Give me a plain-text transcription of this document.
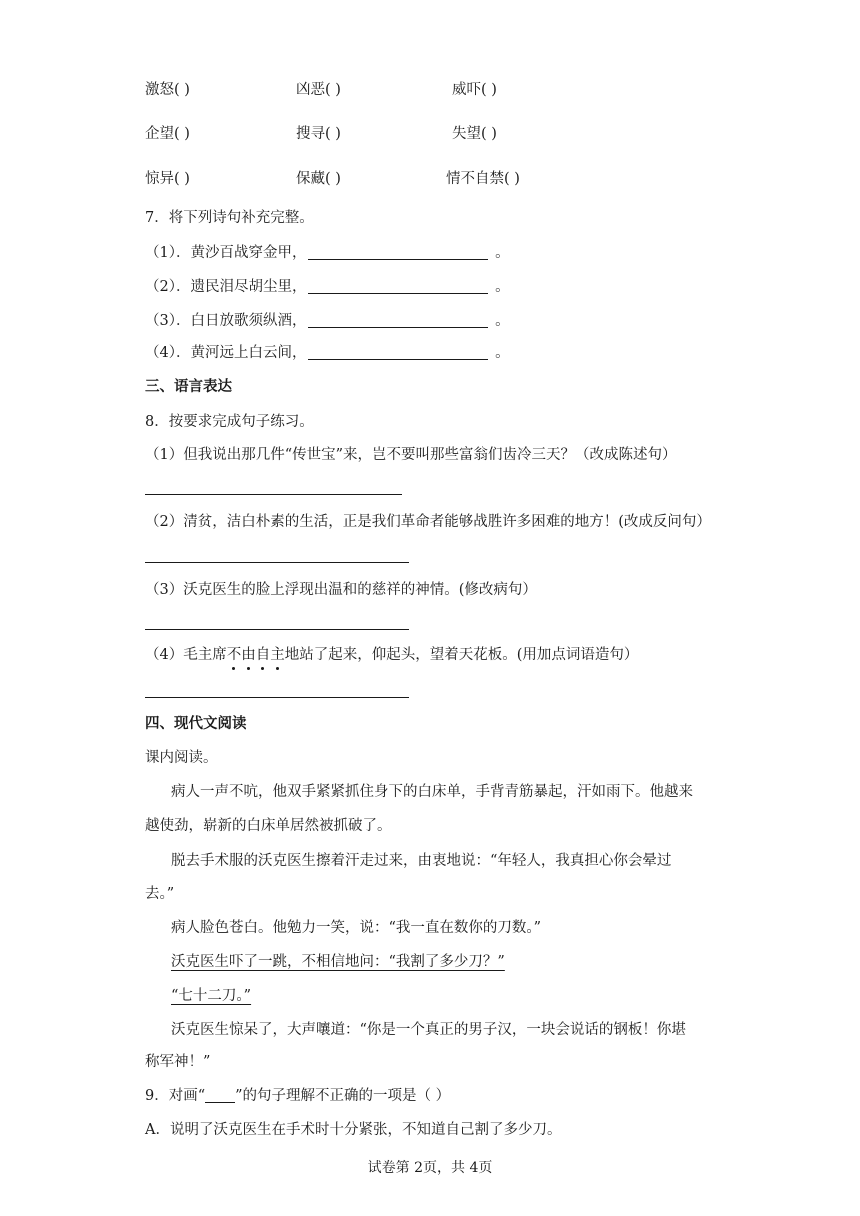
激怒( )	凶恶( )	威吓( )
企望( )	搜寻( )	失望( )
惊异( )	保藏( )	情不自禁( )
7．将下列诗句补充完整。
（1）．黄沙百战穿金甲，	。
（2）．遗民泪尽胡尘里，	。
（3）．白日放歌须纵酒，	。
（4）．黄河远上白云间，	。
三、语言表达
8．按要求完成句子练习。
（1）但我说出那几件“传世宝”来，岂不要叫那些富翁们齿冷三天？（改成陈述句）
（2）清贫，洁白朴素的生活，正是我们革命者能够战胜许多困难的地方！(改成反问句）
（3）沃克医生的脸上浮现出温和的慈祥的神情。(修改病句）
（4）毛主席不由自主地站了起来，仰起头，望着天花板。(用加点词语造句）
四、现代文阅读
课内阅读。
病人一声不吭，他双手紧紧抓住身下的白床单，手背青筋暴起，汗如雨下。他越来
越使劲，崭新的白床单居然被抓破了。
脱去手术服的沃克医生擦着汗走过来，由衷地说：“年轻人，我真担心你会晕过
去。”
病人脸色苍白。他勉力一笑，说：“我一直在数你的刀数。”
沃克医生吓了一跳，不相信地问：“我割了多少刀？”
“七十二刀。”
沃克医生惊呆了，大声嚷道：“你是一个真正的男子汉，一块会说话的钢板！你堪
称军神！”
9．对画“ ”的句子理解不正确的一项是（ ）
A．说明了沃克医生在手术时十分紧张，不知道自己割了多少刀。
试卷第 2页，共 4页
